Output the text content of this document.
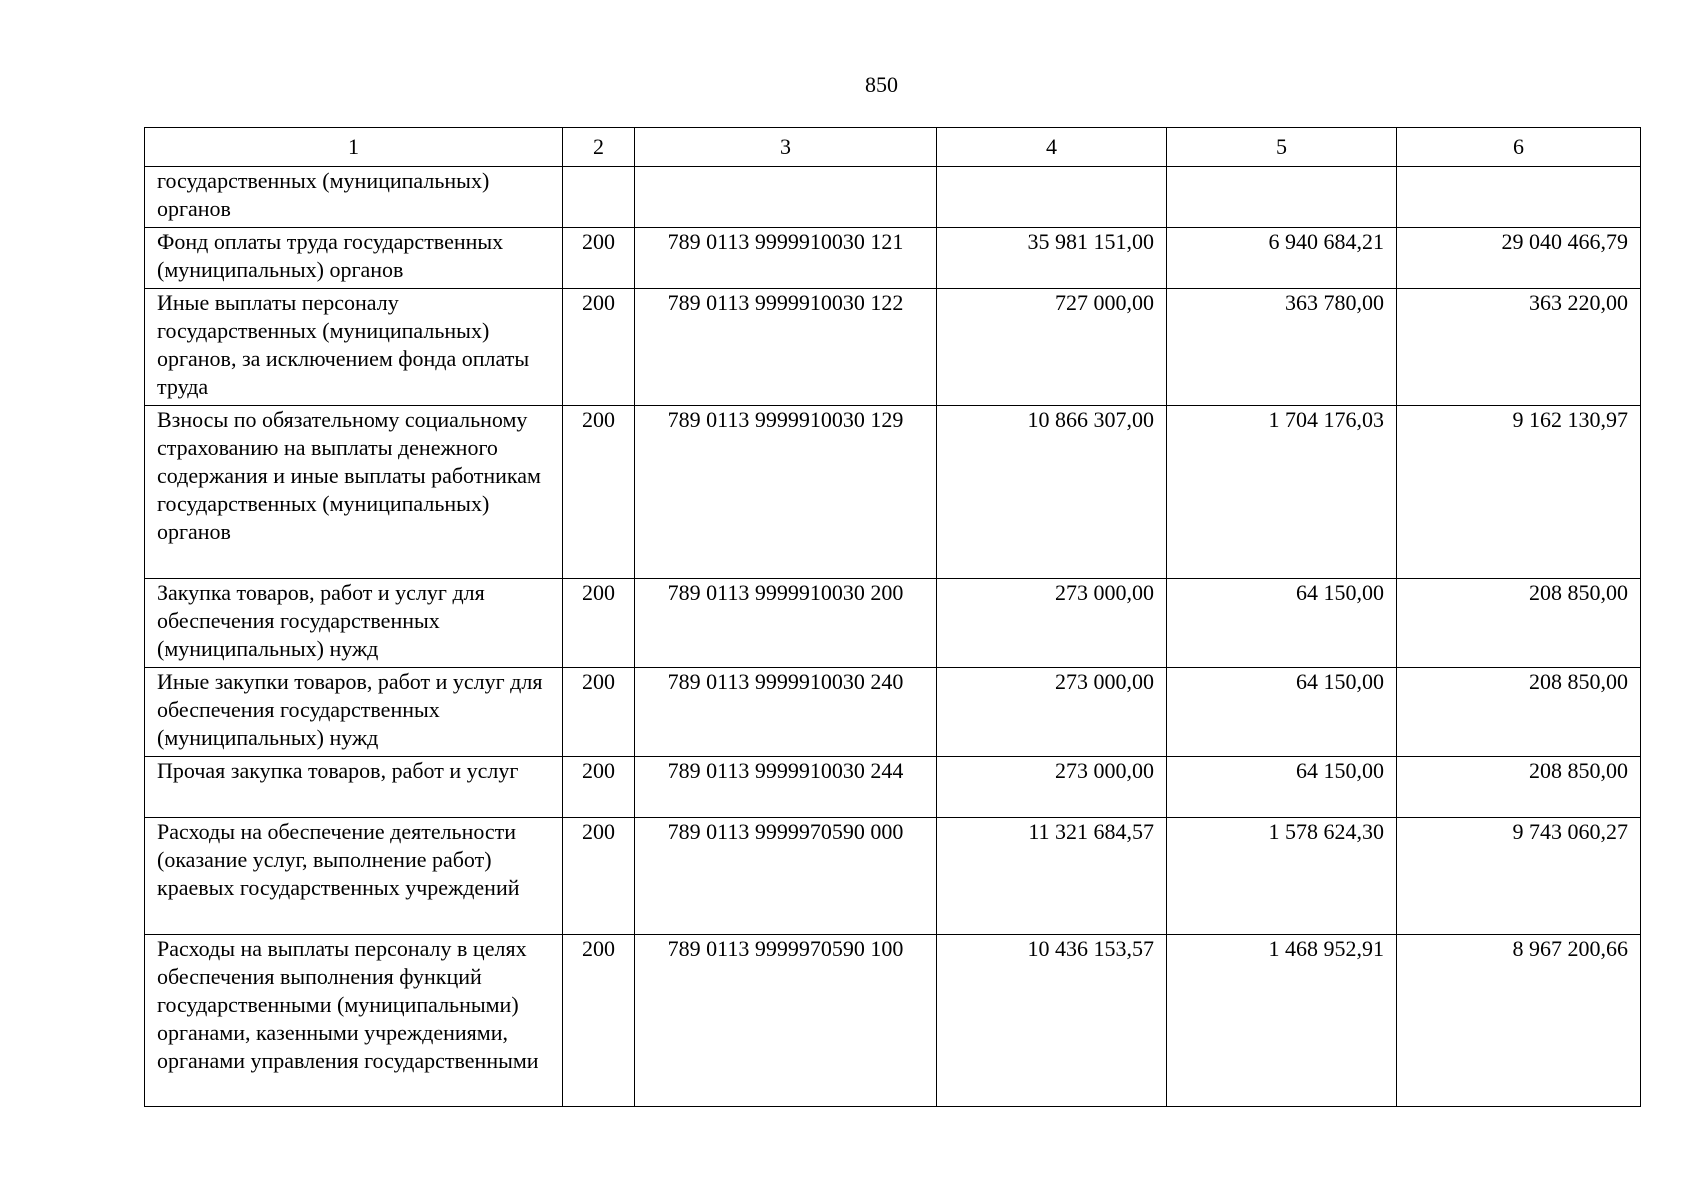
850
1	2	3	4	5	6
государственных (муниципальных) органов					
Фонд оплаты труда государственных (муниципальных) органов	200	789 0113 9999910030 121	35 981 151,00	6 940 684,21	29 040 466,79
Иные выплаты персоналу государственных (муниципальных) органов, за исключением фонда оплаты труда	200	789 0113 9999910030 122	727 000,00	363 780,00	363 220,00
Взносы по обязательному социальному страхованию на выплаты денежного содержания и иные выплаты работникам государственных (муниципальных) органов	200	789 0113 9999910030 129	10 866 307,00	1 704 176,03	9 162 130,97
Закупка товаров, работ и услуг для обеспечения государственных (муниципальных) нужд	200	789 0113 9999910030 200	273 000,00	64 150,00	208 850,00
Иные закупки товаров, работ и услуг для обеспечения государственных (муниципальных) нужд	200	789 0113 9999910030 240	273 000,00	64 150,00	208 850,00
Прочая закупка товаров, работ и услуг	200	789 0113 9999910030 244	273 000,00	64 150,00	208 850,00
Расходы на обеспечение деятельности (оказание услуг, выполнение работ) краевых государственных учреждений	200	789 0113 9999970590 000	11 321 684,57	1 578 624,30	9 743 060,27
Расходы на выплаты персоналу в целях обеспечения выполнения функций государственными (муниципальными) органами, казенными учреждениями, органами управления государственными	200	789 0113 9999970590 100	10 436 153,57	1 468 952,91	8 967 200,66
